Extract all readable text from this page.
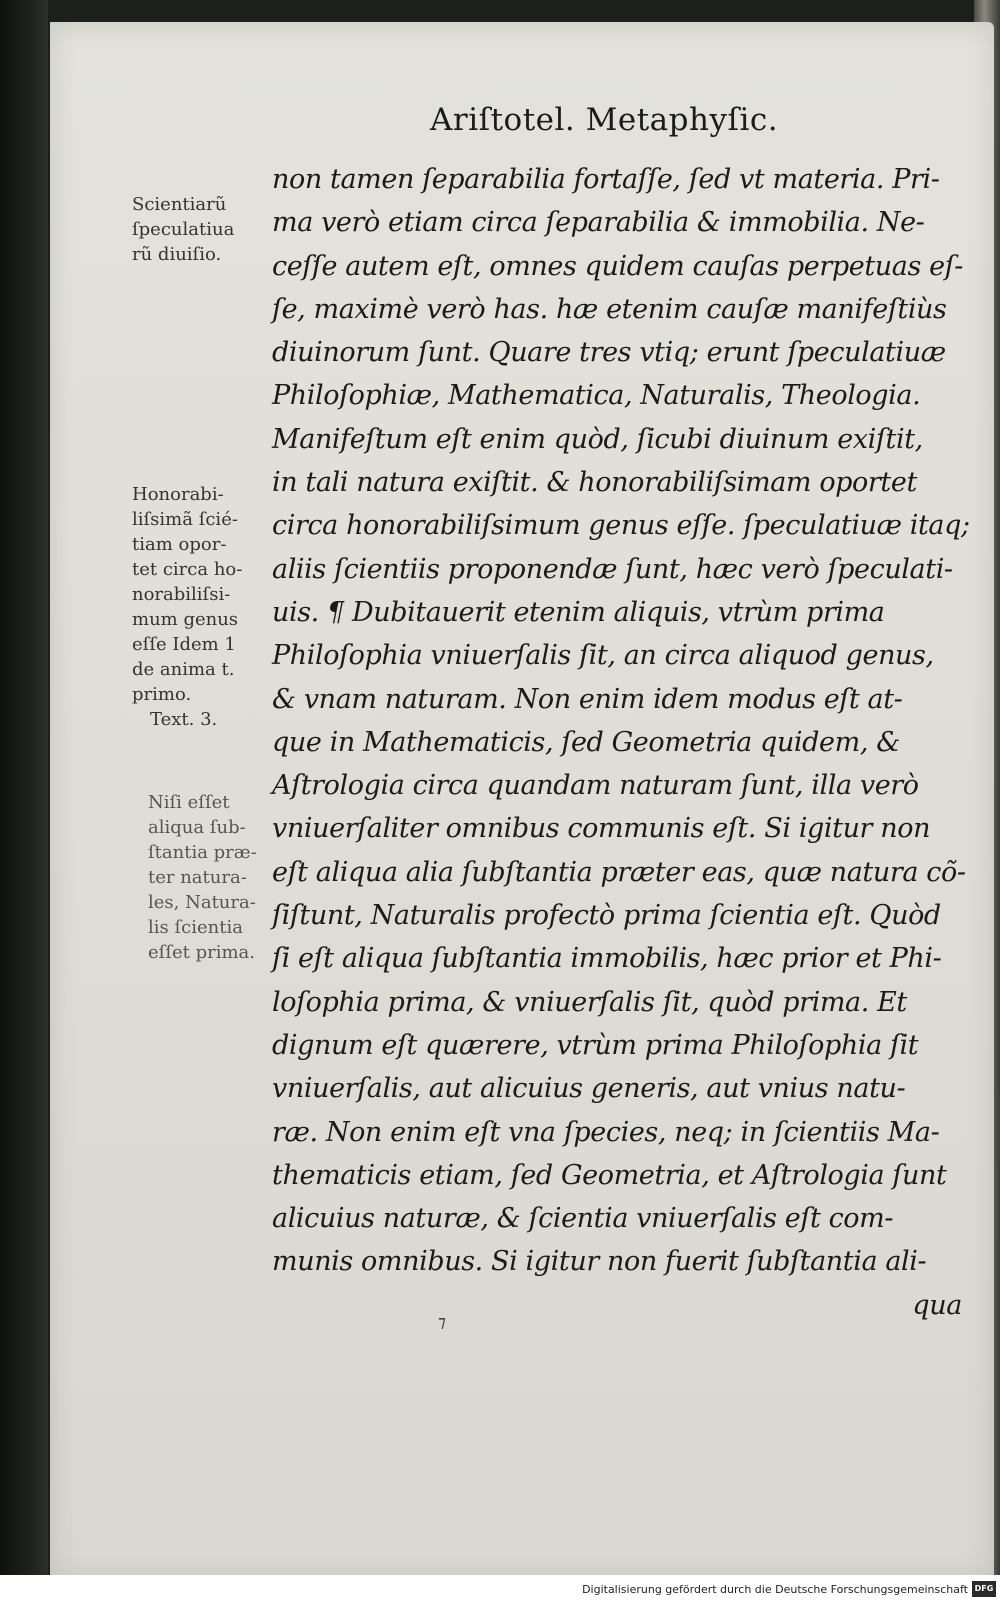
Ariſtotel. Metaphyſic.
Scientiarũ
ſpeculatiua
rũ diuiſio.
Honorabi-
liſsimã ſcié-
tiam opor-
tet circa ho-
norabiliſsi-
mum genus
eſſe Idem 1
de anima t.
primo.
Text. 3.
Niſi eſſet
aliqua ſub-
ſtantia præ-
ter natura-
les, Natura-
lis ſcientia
eſſet prima.
non tamen ſeparabilia fortaſſe, ſed vt materia. Pri-
ma verò etiam circa ſeparabilia & immobilia. Ne-
ceſſe autem eſt, omnes quidem cauſas perpetuas eſ-
ſe, maximè verò has. hæ etenim cauſæ manifeſtiùs
diuinorum ſunt. Quare tres vtiq; erunt ſpeculatiuæ
Philoſophiæ, Mathematica, Naturalis, Theologia.
Manifeſtum eſt enim quòd, ſicubi diuinum exiſtit,
in tali natura exiſtit. & honorabiliſsimam oportet
circa honorabiliſsimum genus eſſe. ſpeculatiuæ itaq;
aliis ſcientiis proponendæ ſunt, hæc verò ſpeculati-
uis. ¶ Dubitauerit etenim aliquis, vtrùm prima
Philoſophia vniuerſalis ſit, an circa aliquod genus,
& vnam naturam. Non enim idem modus eſt at-
que in Mathematicis, ſed Geometria quidem, &
Aſtrologia circa quandam naturam ſunt, illa verò
vniuerſaliter omnibus communis eſt. Si igitur non
eſt aliqua alia ſubſtantia præter eas, quæ natura cõ-
ſiſtunt, Naturalis profectò prima ſcientia eſt. Quòd
ſi eſt aliqua ſubſtantia immobilis, hæc prior et Phi-
loſophia prima, & vniuerſalis ſit, quòd prima. Et
dignum eſt quærere, vtrùm prima Philoſophia ſit
vniuerſalis, aut alicuius generis, aut vnius natu-
ræ. Non enim eſt vna ſpecies, neq; in ſcientiis Ma-
thematicis etiam, ſed Geometria, et Aſtrologia ſunt
alicuius naturæ, & ſcientia vniuerſalis eſt com-
munis omnibus. Si igitur non fuerit ſubſtantia ali-
qua
⁊
Digitalisierung gefördert durch die Deutsche Forschungsgemeinschaft DFG
